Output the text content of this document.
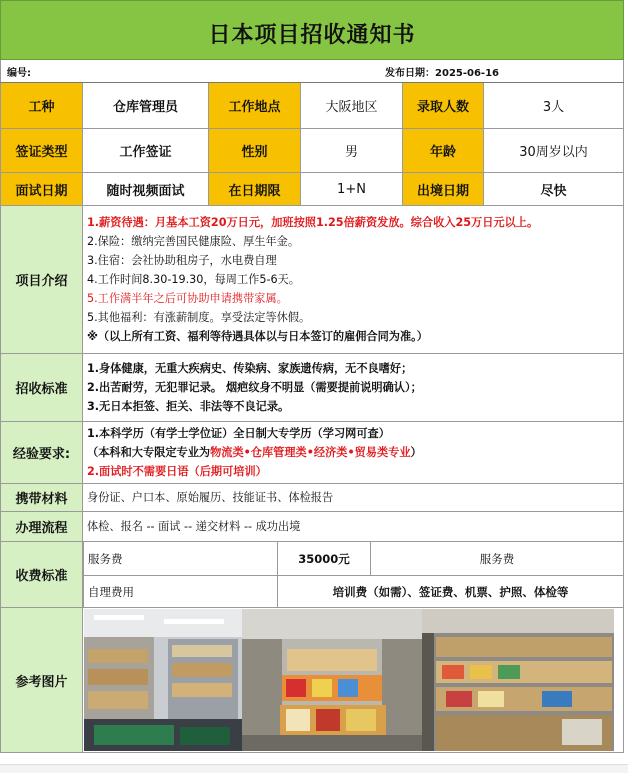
日本项目招收通知书
编号:	发布日期：2025-06-16
工种	仓库管理员	工作地点	大阪地区	录取人数	3人
签证类型	工作签证	性别	男	年龄	30周岁以内
面试日期	随时视频面试	在日期限	1+N	出境日期	尽快
项目介绍
1.薪资待遇：月基本工资20万日元，加班按照1.25倍薪资发放。综合收入25万日元以上。
2.保险：缴纳完善国民健康险、厚生年金。
3.住宿：会社协助租房子，水电费自理
4.工作时间8.30-19.30，每周工作5-6天。
5.工作满半年之后可协助申请携带家属。
5.其他福利：有涨薪制度。享受法定等休假。
※（以上所有工资、福利等待遇具体以与日本签订的雇佣合同为准。）
招收标准
1.身体健康，无重大疾病史、传染病、家族遗传病，无不良嗜好；
2.出苦耐劳，无犯罪记录。 烟疤纹身不明显（需要提前说明确认）；
3.无日本拒签、拒关、非法等不良记录。
经验要求:
1.本科学历（有学士学位证）全日制大专学历（学习网可查）
（本科和大专限定专业为物流类•仓库管理类•经济类•贸易类专业）
2.面试时不需要日语（后期可培训）
携带材料	身份证、户口本、原始履历、技能证书、体检报告
办理流程	体检、报名 -- 面试 -- 递交材料 -- 成功出境
收费标准
服务费	35000元	服务费
自理费用	培训费（如需）、签证费、机票、护照、体检等
参考图片
